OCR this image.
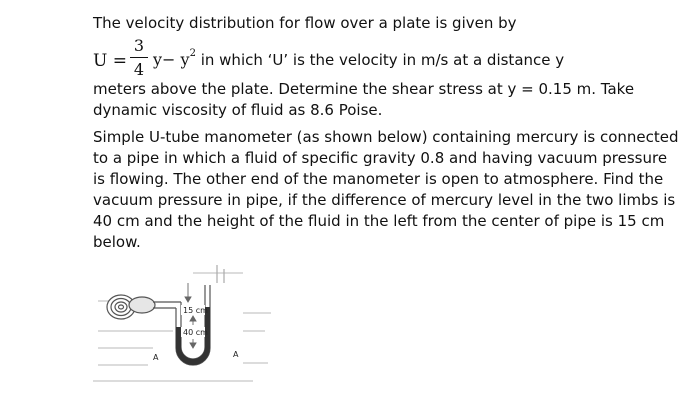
The velocity distribution for flow over a plate is given by

U =
3
4
$y- y^2$ in which ‘U’ is the velocity in m/s at a distance y

meters above the plate. Determine the shear stress at y = 0.15 m. Take dynamic viscosity of fluid as 8.6 Poise.

Simple U-tube manometer (as shown below) containing mercury is connected to a pipe in which a fluid of specific gravity 0.8 and having vacuum pressure is flowing. The other end of the manometer is open to atmosphere. Find the vacuum pressure in pipe, if the difference of mercury level in the two limbs is 40 cm and the height of the fluid in the left from the center of pipe is 15 cm below.

15 cm
40 cm
A	A
